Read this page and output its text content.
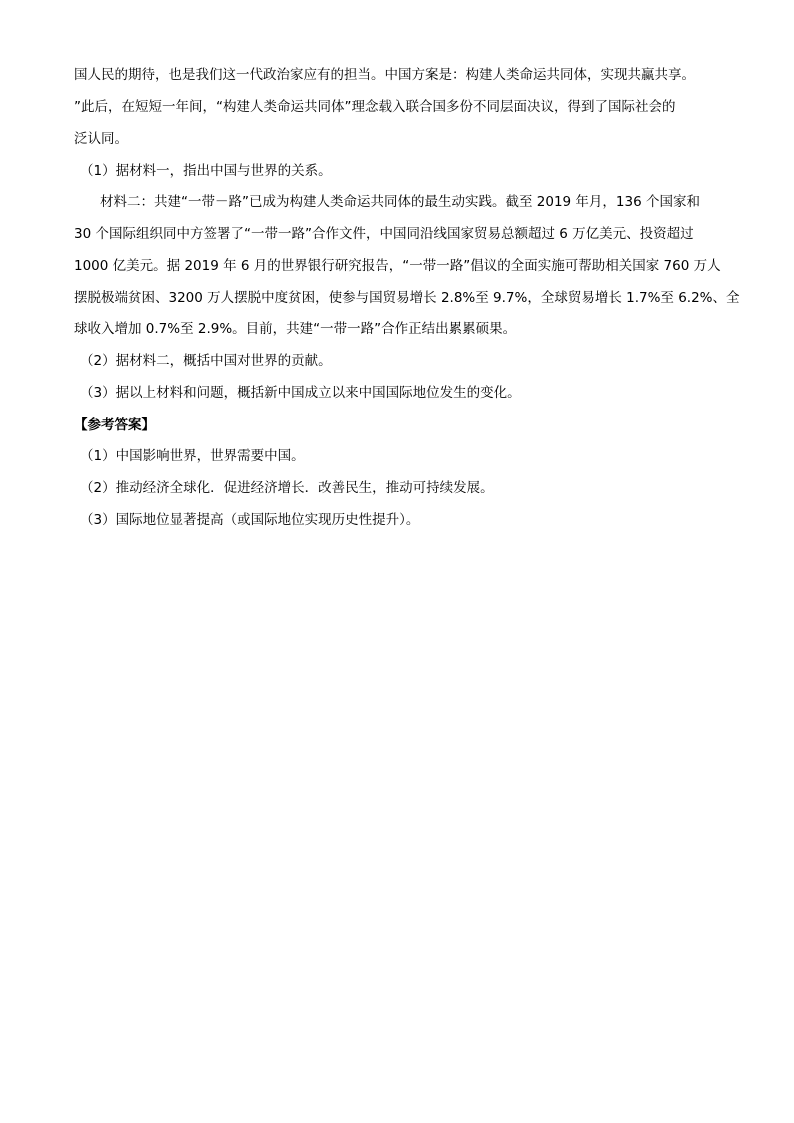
国人民的期待，也是我们这一代政治家应有的担当。中国方案是：构建人类命运共同体，实现共赢共享。
”此后，在短短一年间，“构建人类命运共同体”理念载入联合国多份不同层面决议，得到了国际社会的
泛认同。
（1）据材料一，指出中国与世界的关系。
材料二：共建“一带－路”已成为构建人类命运共同体的最生动实践。截至 2019 年月，136 个国家和
30 个国际组织同中方签署了“一带一路”合作文件，中国同沿线国家贸易总额超过 6 万亿美元、投资超过
1000 亿美元。据 2019 年 6 月的世界银行研究报告，“一带一路”倡议的全面实施可帮助相关国家 760 万人
摆脱极端贫困、3200 万人摆脱中度贫困，使参与国贸易增长 2.8%至 9.7%，全球贸易增长 1.7%至 6.2%、全
球收入增加 0.7%至 2.9%。目前，共建“一带一路”合作正结出累累硕果。
（2）据材料二，概括中国对世界的贡献。
（3）据以上材料和问题，概括新中国成立以来中国国际地位发生的变化。
【参考答案】
（1）中国影响世界，世界需要中国。
（2）推动经济全球化．促进经济增长．改善民生，推动可持续发展。
（3）国际地位显著提高（或国际地位实现历史性提升）。
